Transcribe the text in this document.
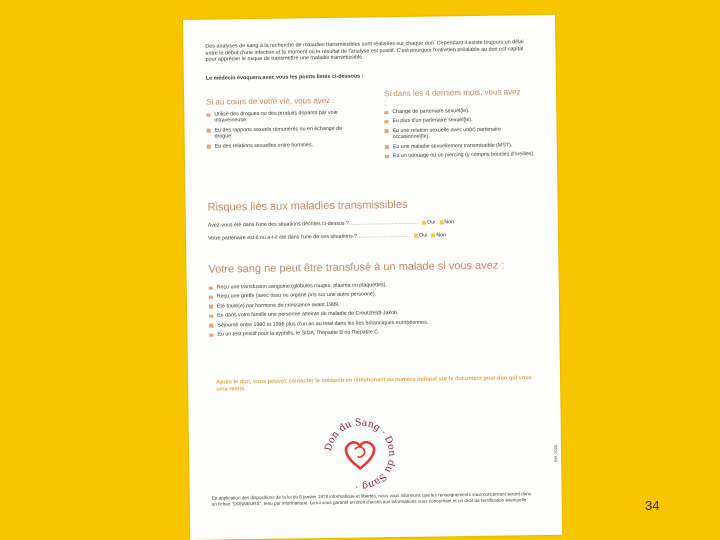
Des analyses de sang à la recherche de maladies transmissibles sont réalisées sur chaque don. Cependant il existe toujours un délai entre le début d'une infection et le moment où le résultat de l'analyse est positif. C'est pourquoi l'entretien préalable au don est capital pour apprécier le risque de transmettre une maladie transmissible.

Le médecin évoquera avec vous les points listés ci-dessous :

Si au cours de votre vie, vous avez :

Utilisé des drogues ou des produits dopants par voie intraveineuse.
Eu des rapports sexuels rémunérés ou en échange de drogue.
Eu des relations sexuelles entre hommes.

Si dans les 4 derniers mois, vous avez :

Changé de partenaire sexuel(le).
Eu plus d'un partenaire sexuel(le).
Eu une relation sexuelle avec un(e) partenaire occasionnel(le).
Eu une maladie sexuellement transmissible (MST).
Eu un tatouage ou un piercing (y compris boucles d'oreilles).

Risques liés aux maladies transmissibles

Avez-vous été dans l'une des situations décrites ci-dessus ?............................................... Oui Non
Votre partenaire est-il ou a-t-il été dans l'une de ces situations ?.................................... Oui Non

Votre sang ne peut être transfusé à un malade si vous avez :

Reçu une transfusion sanguine (globules rouges, plasma ou plaquettes).
Reçu une greffe (avec tissu ou organe pris sur une autre personne).
Été traité(e) par hormone de croissance avant 1989.
Eu dans votre famille une personne atteinte de maladie de Creutzfeldt-Jakob.
Séjourné entre 1980 et 1996 plus d'un an au total dans les îles britanniques européennes.
Eu un test positif pour la syphilis, le SIDA, l'hépatite B ou l'hépatite C.

Après le don, vous pouvez contacter le médecin en téléphonant au numéro indiqué sur le document post-don qui vous sera remis.

Don du Sang · Don du Sang ·

En application des dispositions de la loi du 6 janvier 1978 informatique et libertés, nous vous informons que les renseignements vous concernant seront dans un fichier "DONNEURS", tenu par informatique. La loi vous garantit un droit d'accès aux informations vous concernant et un droit de rectification éventuelle.

Réf. 2005
34
